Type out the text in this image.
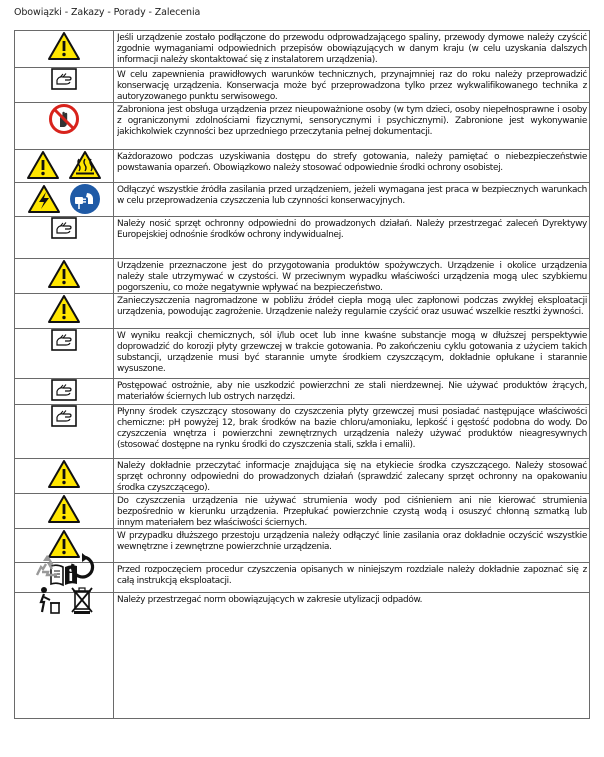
Obowiązki - Zakazy - Porady - Zalecenia

Jeśli urządzenie zostało podłączone do przewodu odprowadzającego spaliny, przewody dymowe należy czyścić zgodnie wymaganiami odpowiednich przepisów obowiązujących w danym kraju (w celu uzyskania dalszych informacji należy skontaktować się z instalatorem urządzenia).

W celu zapewnienia prawidłowych warunków technicznych, przynajmniej raz do roku należy przeprowadzić konserwację urządzenia. Konserwacja może być przeprowadzona tylko przez wykwalifikowanego technika z autoryzowanego punktu serwisowego.

Zabroniona jest obsługa urządzenia przez nieupoważnione osoby (w tym dzieci, osoby niepełnosprawne i osoby z ograniczonymi zdolnościami fizycznymi, sensorycznymi i psychicznymi). Zabronione jest wykonywanie jakichkolwiek czynności bez uprzedniego przeczytania pełnej dokumentacji.

Każdorazowo podczas uzyskiwania dostępu do strefy gotowania, należy pamiętać o niebezpieczeństwie powstawania oparzeń. Obowiązkowo należy stosować odpowiednie środki ochrony osobistej.

Odłączyć wszystkie źródła zasilania przed urządzeniem, jeżeli wymagana jest praca w bezpiecznych warunkach w celu przeprowadzenia czyszczenia lub czynności konserwacyjnych.

Należy nosić sprzęt ochronny odpowiedni do prowadzonych działań. Należy przestrzegać zaleceń Dyrektywy Europejskiej odnośnie środków ochrony indywidualnej.

Urządzenie przeznaczone jest do przygotowania produktów spożywczych. Urządzenie i okolice urządzenia należy stale utrzymywać w czystości. W przeciwnym wypadku właściwości urządzenia mogą ulec szybkiemu pogorszeniu, co może negatywnie wpływać na bezpieczeństwo.

Zanieczyszczenia nagromadzone w pobliżu źródeł ciepła mogą ulec zapłonowi podczas zwykłej eksploatacji urządzenia, powodując zagrożenie. Urządzenie należy regularnie czyścić oraz usuwać wszelkie resztki żywności.

W wyniku reakcji chemicznych, sól i/lub ocet lub inne kwaśne substancje mogą w dłuższej perspektywie doprowadzić do korozji płyty grzewczej w trakcie gotowania. Po zakończeniu cyklu gotowania z użyciem takich substancji, urządzenie musi być starannie umyte środkiem czyszczącym, dokładnie opłukane i starannie wysuszone.

Postępować ostrożnie, aby nie uszkodzić powierzchni ze stali nierdzewnej. Nie używać produktów żrących, materiałów ściernych lub ostrych narzędzi.

Płynny środek czyszczący stosowany do czyszczenia płyty grzewczej musi posiadać następujące właściwości chemiczne: pH powyżej 12, brak środków na bazie chloru/amoniaku, lepkość i gęstość podobna do wody. Do czyszczenia wnętrza i powierzchni zewnętrznych urządzenia należy używać produktów nieagresywnych (stosować dostępne na rynku środki do czyszczenia stali, szkła i emalii).

Należy dokładnie przeczytać informacje znajdująca się na etykiecie środka czyszczącego. Należy stosować sprzęt ochronny odpowiedni do prowadzonych działań (sprawdzić zalecany sprzęt ochronny na opakowaniu środka czyszczącego).

Do czyszczenia urządzenia nie używać strumienia wody pod ciśnieniem ani nie kierować strumienia bezpośrednio w kierunku urządzenia. Przepłukać powierzchnie czystą wodą i osuszyć chłonną szmatką lub innym materiałem bez właściwości ściernych.

W przypadku dłuższego przestoju urządzenia należy odłączyć linie zasilania oraz dokładnie oczyścić wszystkie wewnętrzne i zewnętrzne powierzchnie urządzenia.

Przed rozpoczęciem procedur czyszczenia opisanych w niniejszym rozdziale należy dokładnie zapoznać się z całą instrukcją eksploatacji.

Należy przestrzegać norm obowiązujących w zakresie utylizacji odpadów.
